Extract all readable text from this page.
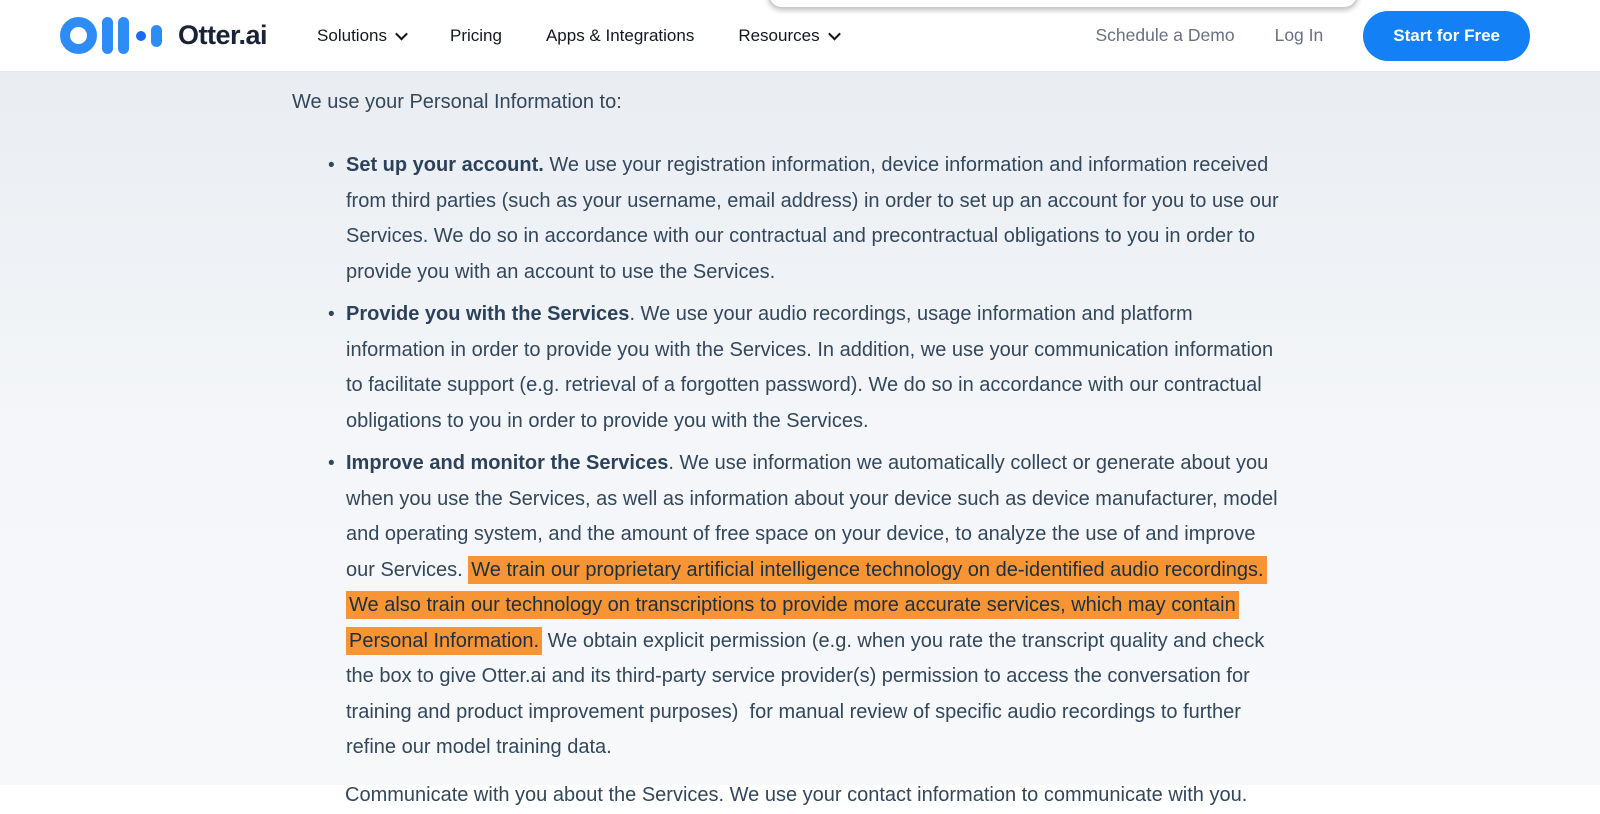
Otter.ai	Solutions	Pricing	Apps & Integrations	Resources	Schedule a Demo Log In	Start for Free
We use your Personal Information to:
• Set up your account. We use your registration information, device information and information received from third parties (such as your username, email address) in order to set up an account for you to use our Services. We do so in accordance with our contractual and precontractual obligations to you in order to provide you with an account to use the Services.
• Provide you with the Services. We use your audio recordings, usage information and platform information in order to provide you with the Services. In addition, we use your communication information to facilitate support (e.g. retrieval of a forgotten password). We do so in accordance with our contractual obligations to you in order to provide you with the Services.
• Improve and monitor the Services. We use information we automatically collect or generate about you when you use the Services, as well as information about your device such as device manufacturer, model and operating system, and the amount of free space on your device, to analyze the use of and improve our Services. We train our proprietary artificial intelligence technology on de-identified audio recordings. We also train our technology on transcriptions to provide more accurate services, which may contain Personal Information. We obtain explicit permission (e.g. when you rate the transcript quality and check the box to give Otter.ai and its third-party service provider(s) permission to access the conversation for training and product improvement purposes)  for manual review of specific audio recordings to further refine our model training data.
Communicate with you about the Services. We use your contact information to communicate with you.
